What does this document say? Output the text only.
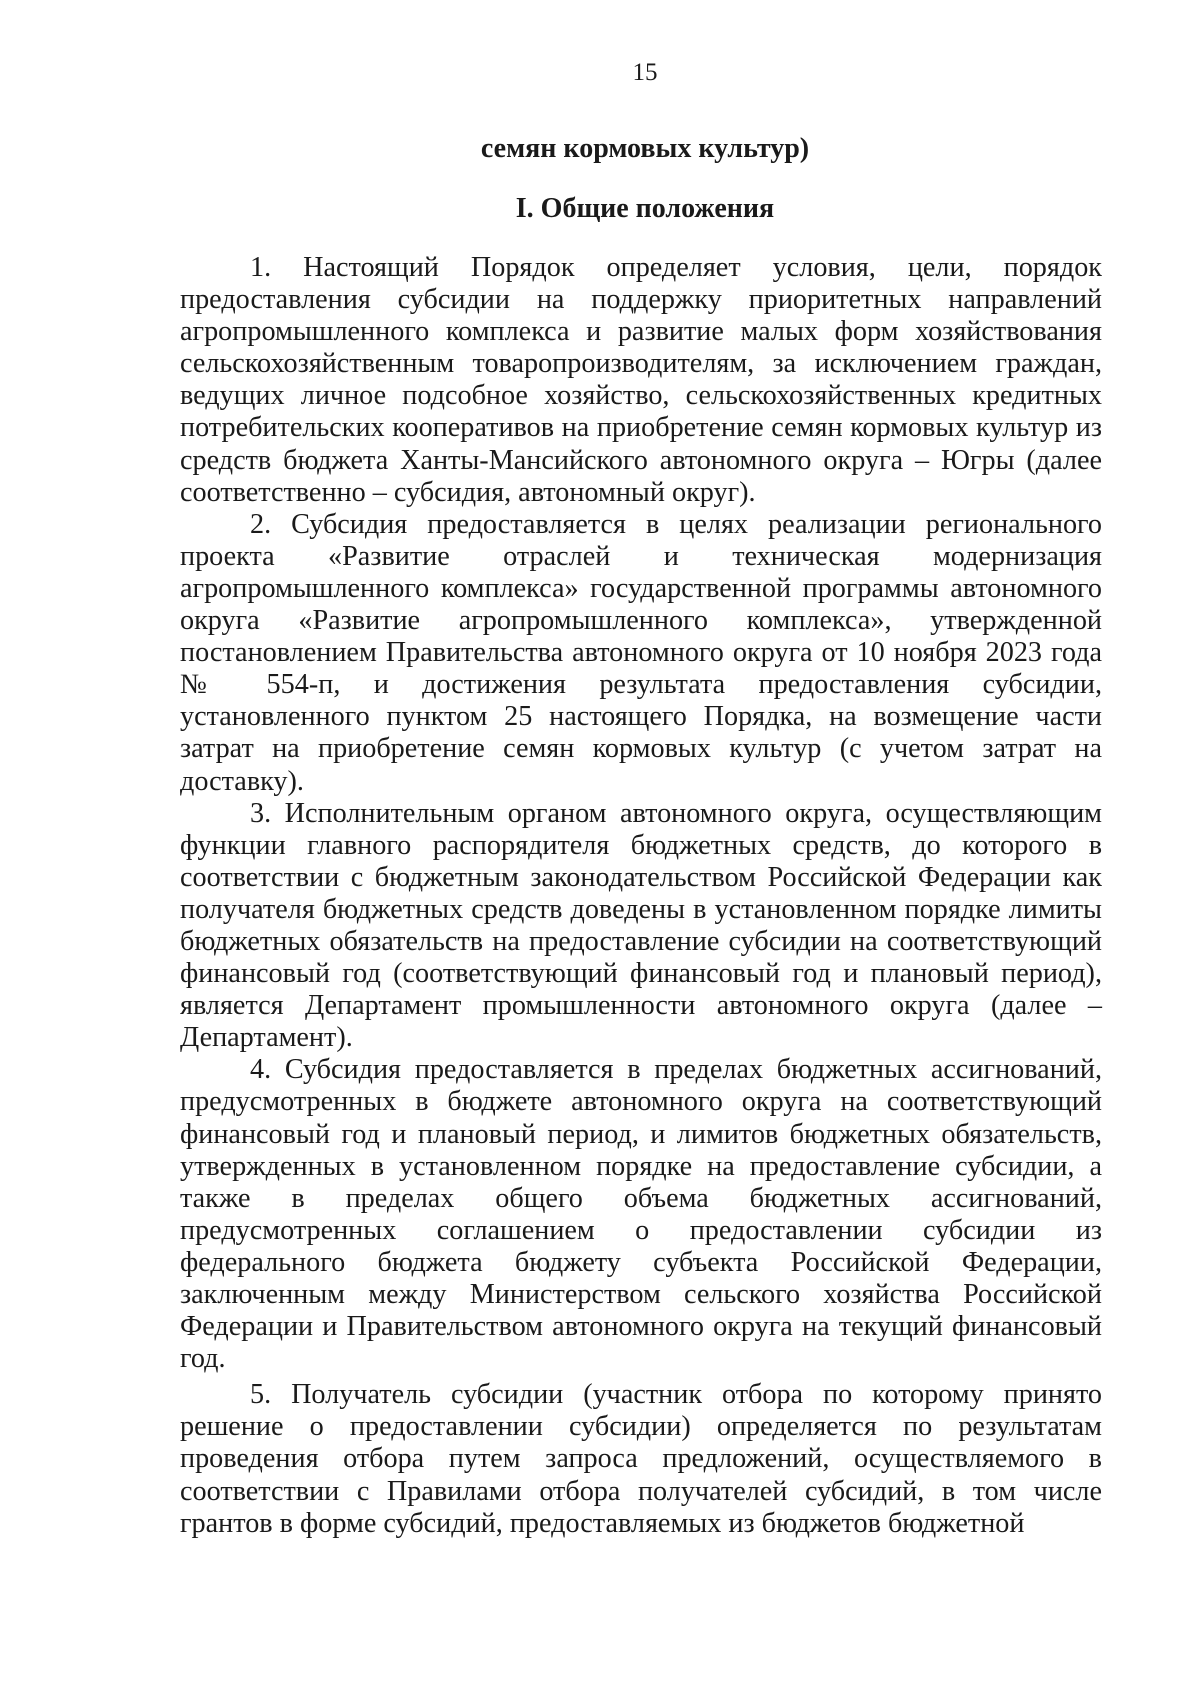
15
семян кормовых культур)
I. Общие положения

1. Настоящий Порядок определяет условия, цели, порядок предоставления субсидии на поддержку приоритетных направлений агропромышленного комплекса и развитие малых форм хозяйствования сельскохозяйственным товаропроизводителям, за исключением граждан, ведущих личное подсобное хозяйство, сельскохозяйственных кредитных потребительских кооперативов на приобретение семян кормовых культур из средств бюджета Ханты-Мансийского автономного округа – Югры (далее соответственно – субсидия, автономный округ).

2. Субсидия предоставляется в целях реализации регионального проекта «Развитие отраслей и техническая модернизация агропромышленного комплекса» государственной программы автономного округа «Развитие агропромышленного комплекса», утвержденной постановлением Правительства автономного округа от 10 ноября 2023 года № 554-п, и достижения результата предоставления субсидии, установленного пунктом 25 настоящего Порядка, на возмещение части затрат на приобретение семян кормовых культур (с учетом затрат на доставку).

3. Исполнительным органом автономного округа, осуществляющим функции главного распорядителя бюджетных средств, до которого в соответствии с бюджетным законодательством Российской Федерации как получателя бюджетных средств доведены в установленном порядке лимиты бюджетных обязательств на предоставление субсидии на соответствующий финансовый год (соответствующий финансовый год и плановый период), является Департамент промышленности автономного округа (далее – Департамент).

4. Субсидия предоставляется в пределах бюджетных ассигнований, предусмотренных в бюджете автономного округа на соответствующий финансовый год и плановый период, и лимитов бюджетных обязательств, утвержденных в установленном порядке на предоставление субсидии, а также в пределах общего объема бюджетных ассигнований, предусмотренных соглашением о предоставлении субсидии из федерального бюджета бюджету субъекта Российской Федерации, заключенным между Министерством сельского хозяйства Российской Федерации и Правительством автономного округа на текущий финансовый год.

5. Получатель субсидии (участник отбора по которому принято решение о предоставлении субсидии) определяется по результатам проведения отбора путем запроса предложений, осуществляемого в соответствии с Правилами отбора получателей субсидий, в том числе грантов в форме субсидий, предоставляемых из бюджетов бюджетной
